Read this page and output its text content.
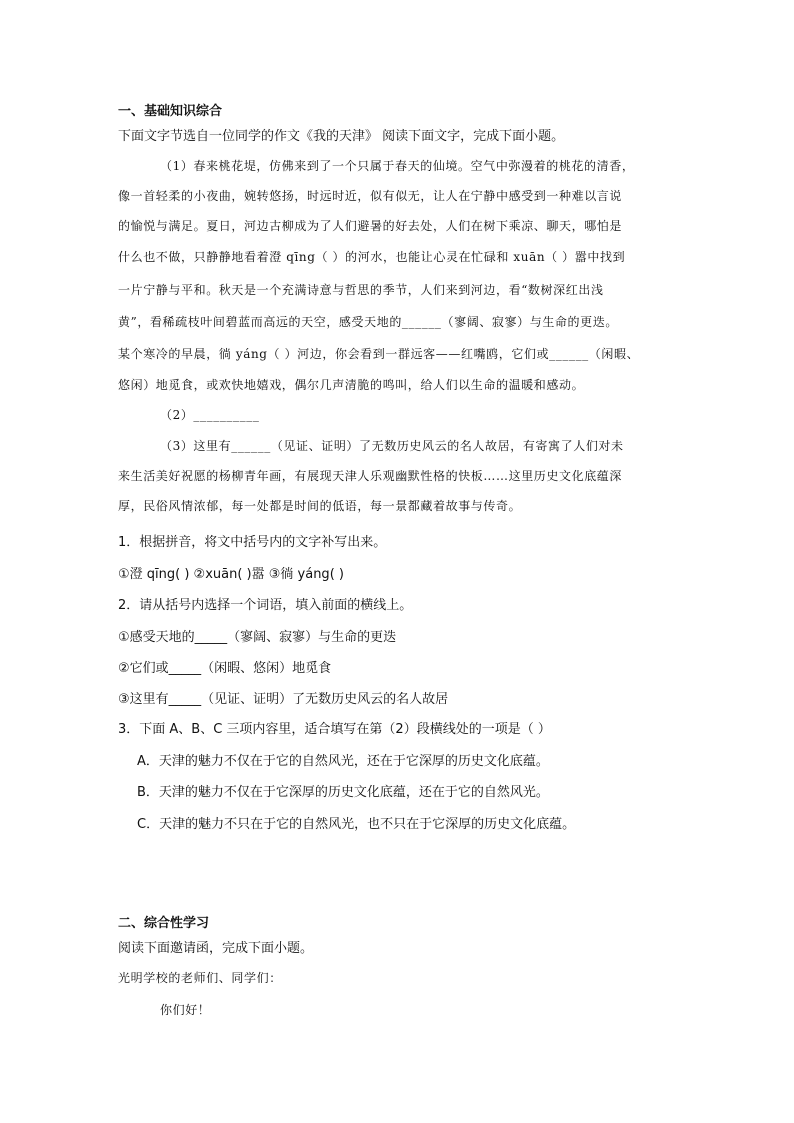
一、基础知识综合
下面文字节选自一位同学的作文《我的天津》 阅读下面文字，完成下面小题。
（1）春来桃花堤，仿佛来到了一个只属于春天的仙境。空气中弥漫着的桃花的清香，
像一首轻柔的小夜曲，婉转悠扬，时远时近，似有似无，让人在宁静中感受到一种难以言说
的愉悦与满足。夏日，河边古柳成为了人们避暑的好去处，人们在树下乘凉、聊天，哪怕是
什么也不做，只静静地看着澄 qīng（ ）的河水，也能让心灵在忙碌和 xuān（ ）嚣中找到
一片宁静与平和。秋天是一个充满诗意与哲思的季节，人们来到河边，看“数树深红出浅
黄”，看稀疏枝叶间碧蓝而高远的天空，感受天地的______（寥阔、寂寥）与生命的更迭。
某个寒冷的早晨，徜 yáng（ ）河边，你会看到一群远客——红嘴鸥，它们或______（闲暇、
悠闲）地觅食，或欢快地嬉戏，偶尔几声清脆的鸣叫，给人们以生命的温暖和感动。
（2）__________
（3）这里有______（见证、证明）了无数历史风云的名人故居，有寄寓了人们对未
来生活美好祝愿的杨柳青年画，有展现天津人乐观幽默性格的快板……这里历史文化底蕴深
厚，民俗风情浓郁，每一处都是时间的低语，每一景都藏着故事与传奇。
1．根据拼音，将文中括号内的文字补写出来。
①澄 qīng( ) ②xuān( )嚣 ③徜 yáng( )
2．请从括号内选择一个词语，填入前面的横线上。
①感受天地的_____（寥阔、寂寥）与生命的更迭
②它们或_____（闲暇、悠闲）地觅食
③这里有_____（见证、证明）了无数历史风云的名人故居
3．下面 A、B、C 三项内容里，适合填写在第（2）段横线处的一项是（ ）
A．天津的魅力不仅在于它的自然风光，还在于它深厚的历史文化底蕴。
B．天津的魅力不仅在于它深厚的历史文化底蕴，还在于它的自然风光。
C．天津的魅力不只在于它的自然风光，也不只在于它深厚的历史文化底蕴。
二、综合性学习
阅读下面邀请函，完成下面小题。
光明学校的老师们、同学们：
你们好！
